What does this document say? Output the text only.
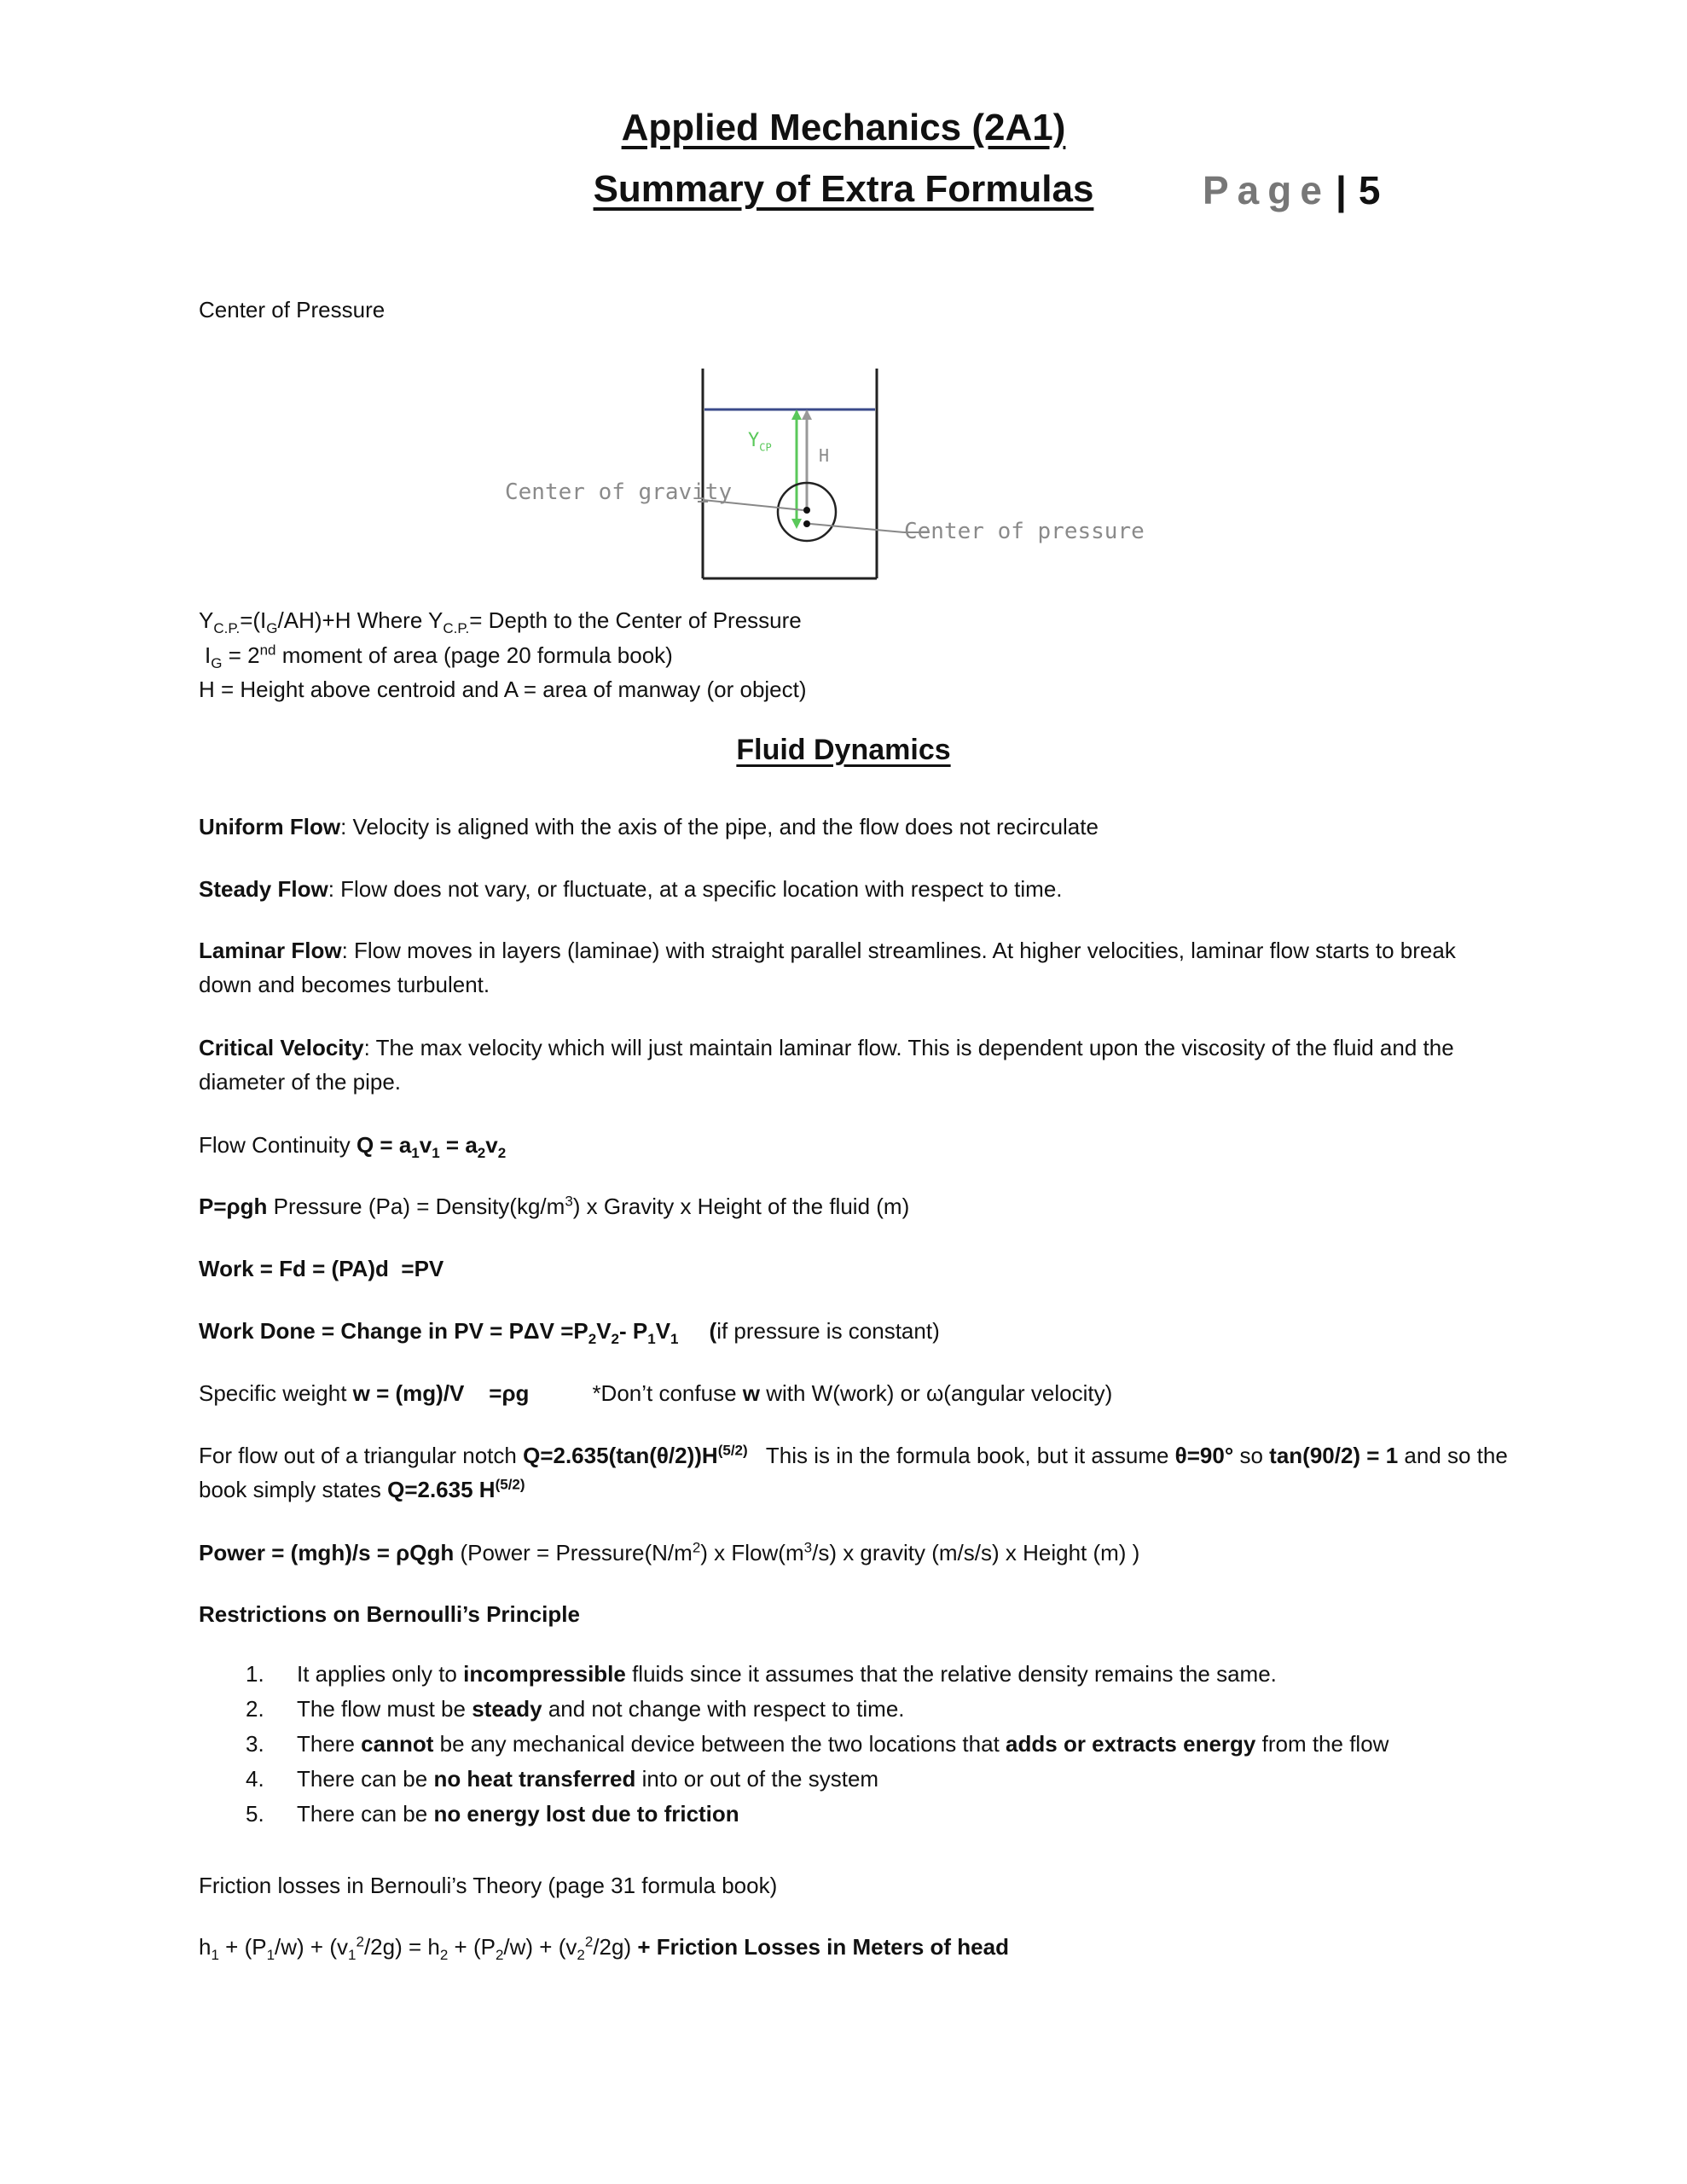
Applied Mechanics (2A1)
Summary of Extra Formulas	Page | 5
Center of Pressure
Center of gravity
Center of pressure
$Y_{CP}$	H
$Y_{C.P.}=(I_G/AH)+H$ Where $Y_{C.P.}=$ Depth to the Center of Pressure
$I_G = 2nd$ moment of area (page 20 formula book)
H = Height above centroid and A = area of manway (or object)
Fluid Dynamics
Uniform Flow: Velocity is aligned with the axis of the pipe, and the flow does not recirculate
Steady Flow: Flow does not vary, or fluctuate, at a specific location with respect to time.
Laminar Flow: Flow moves in layers (laminae) with straight parallel streamlines. At higher velocities, laminar flow starts to break down and becomes turbulent.
Critical Velocity: The max velocity which will just maintain laminar flow. This is dependent upon the viscosity of the fluid and the diameter of the pipe.
Flow Continuity $Q = a_1v_1 = a_2v_2$
P=ρgh Pressure $(Pa) = Density(kg/m^3)$ x Gravity x Height of the fluid (m)
Work = Fd = (PA)d  =PV
Work Done = Change in PV = $P\Delta V =P_2V_2-$ $P_1V_1$ (if pressure is constant)
Specific weight w = (mg)/V    =ρg	*Don’t confuse w with W(work) or ω(angular velocity)
For flow out of a triangular notch $Q=2.635(\tan(\theta/2))H^{(5/2)}$   This is in the formula book, but it assume θ=90° so tan(90/2) = 1 and so the book simply states Q=2.635 $H^{(5/2)}$
Power = (mgh)/s = ρQgh (Power = $Pressure(N/m^2)$ x $Flow(m^3/s)$ x gravity (m/s/s) x Height (m) )
Restrictions on Bernoulli’s Principle
1. It applies only to incompressible fluids since it assumes that the relative density remains the same.
2. The flow must be steady and not change with respect to time.
3. There cannot be any mechanical device between the two locations that adds or extracts energy from the flow
4. There can be no heat transferred into or out of the system
5. There can be no energy lost due to friction
Friction losses in Bernouli’s Theory (page 31 formula book)
$h_1 + (P_1/w) + (v_1^2/2g) = h_2 + (P_2/w) + (v_2^2/2g)$ + Friction Losses in Meters of head
